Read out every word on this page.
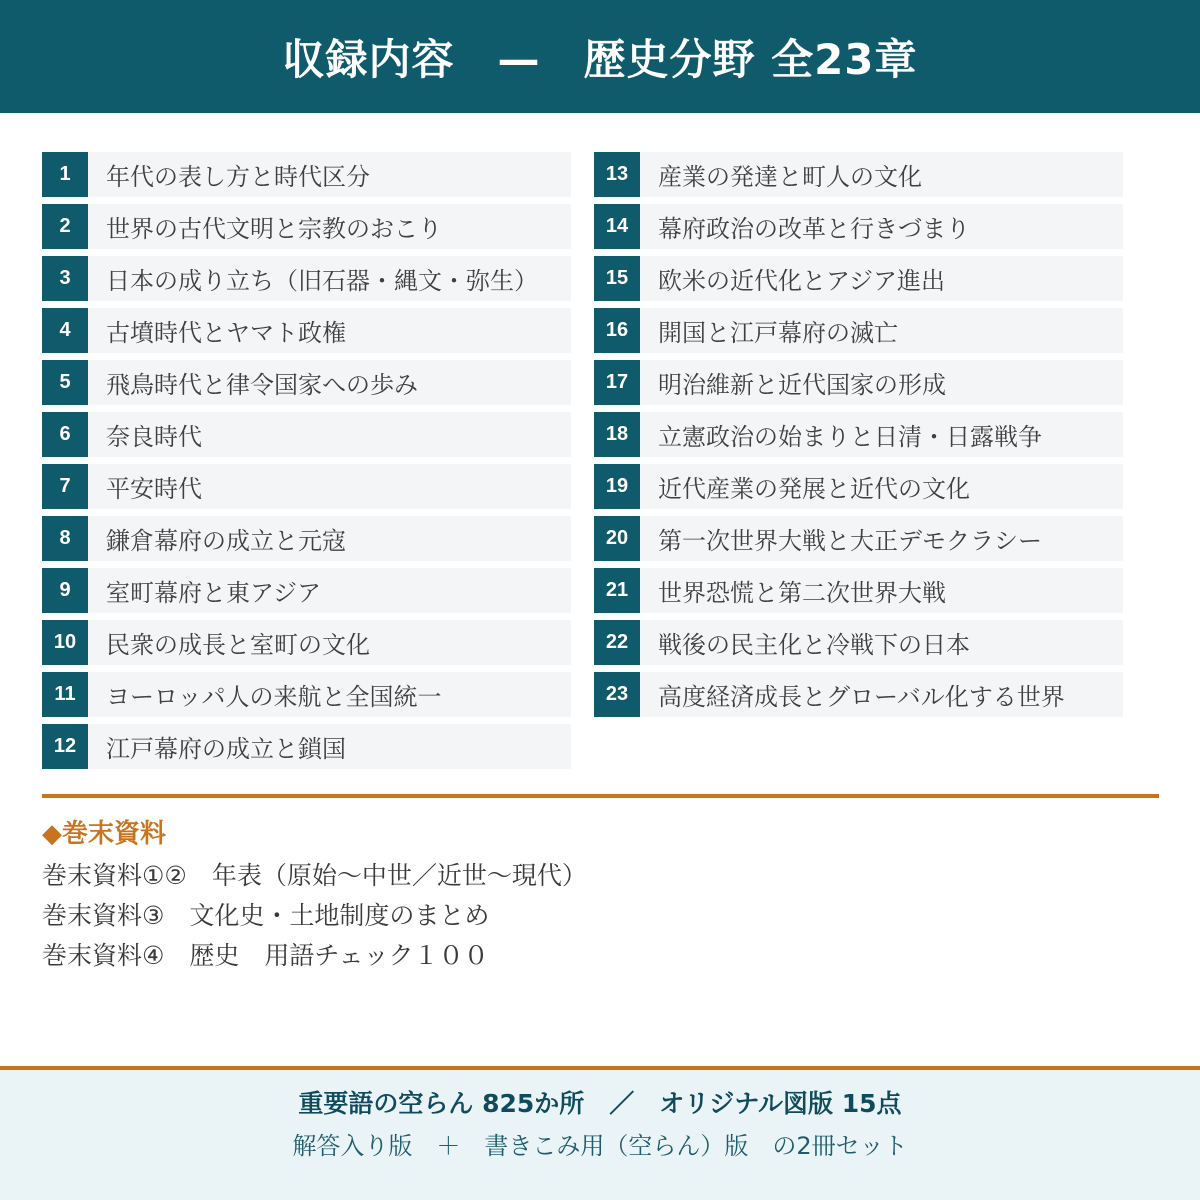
収録内容　—　歴史分野 全23章
1	年代の表し方と時代区分
2	世界の古代文明と宗教のおこり
3	日本の成り立ち（旧石器・縄文・弥生）
4	古墳時代とヤマト政権
5	飛鳥時代と律令国家への歩み
6	奈良時代
7	平安時代
8	鎌倉幕府の成立と元寇
9	室町幕府と東アジア
10	民衆の成長と室町の文化
11	ヨーロッパ人の来航と全国統一
12	江戸幕府の成立と鎖国
13	産業の発達と町人の文化
14	幕府政治の改革と行きづまり
15	欧米の近代化とアジア進出
16	開国と江戸幕府の滅亡
17	明治維新と近代国家の形成
18	立憲政治の始まりと日清・日露戦争
19	近代産業の発展と近代の文化
20	第一次世界大戦と大正デモクラシー
21	世界恐慌と第二次世界大戦
22	戦後の民主化と冷戦下の日本
23	高度経済成長とグローバル化する世界
◆巻末資料
巻末資料①②　年表（原始～中世／近世～現代）
巻末資料③　文化史・土地制度のまとめ
巻末資料④　歴史　用語チェック１００
重要語の空らん 825か所　／　オリジナル図版 15点
解答入り版　＋　書きこみ用（空らん）版　の2冊セット
